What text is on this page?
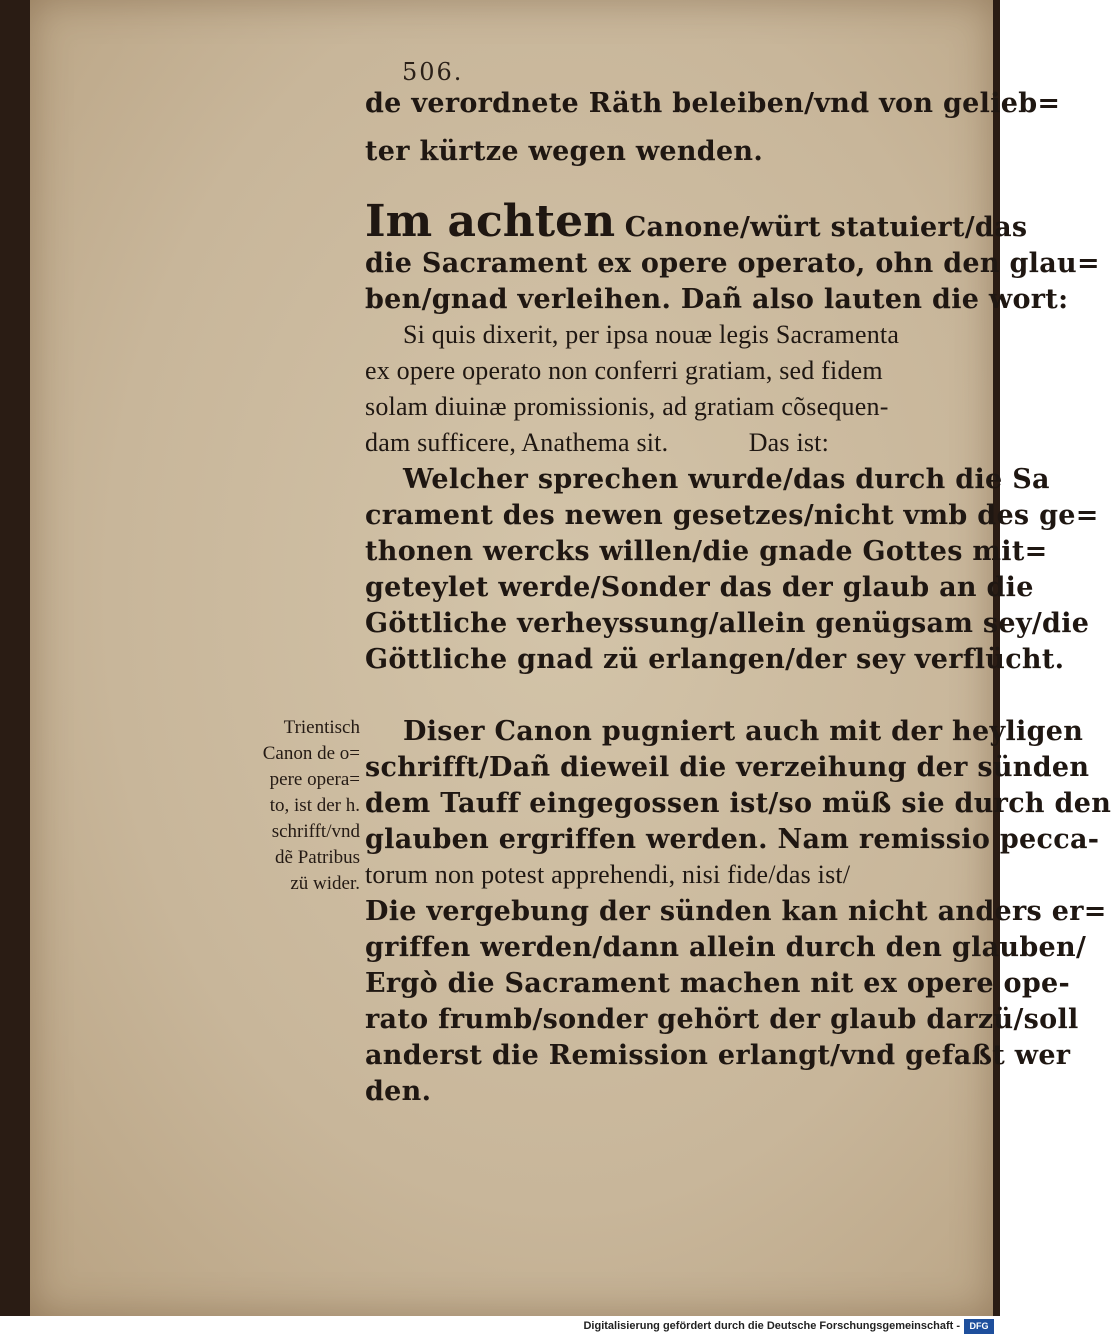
506.
de verordnete Räth beleiben/vnd von gelieb=
ter kürtze wegen wenden.
Im achten Canone/würt statuiert/das
die Sacrament ex opere operato, ohn den glau=
ben/gnad verleihen. Dañ also lauten die wort:
Si quis dixerit, per ipsa nouæ legis Sacramenta
ex opere operato non conferri gratiam, sed fidem
solam diuinæ promissionis, ad gratiam cõsequen-
dam sufficere, Anathema sit.            Das ist:
Welcher sprechen wurde/das durch die Sa
crament des newen gesetzes/nicht vmb des ge=
thonen wercks willen/die gnade Gottes mit=
geteylet werde/Sonder das der glaub an die
Göttliche verheyssung/allein genügsam sey/die
Göttliche gnad zü erlangen/der sey verflücht.
Diser Canon pugniert auch mit der heyligen
schrifft/Dañ dieweil die verzeihung der sünden
dem Tauff eingegossen ist/so müß sie durch den
glauben ergriffen werden. Nam remissio pecca-
torum non potest apprehendi, nisi fide/das ist/
Die vergebung der sünden kan nicht anders er=
griffen werden/dann allein durch den glauben/
Ergò die Sacrament machen nit ex opere ope-
rato frumb/sonder gehört der glaub darzü/soll
anderst die Remission erlangt/vnd gefaßt wer
den.
Trientisch
Canon de o=
pere opera=
to, ist der h.
schrifft/vnd
dẽ Patribus
zü wider.
Digitalisierung gefördert durch die Deutsche Forschungsgemeinschaft -	DFG
